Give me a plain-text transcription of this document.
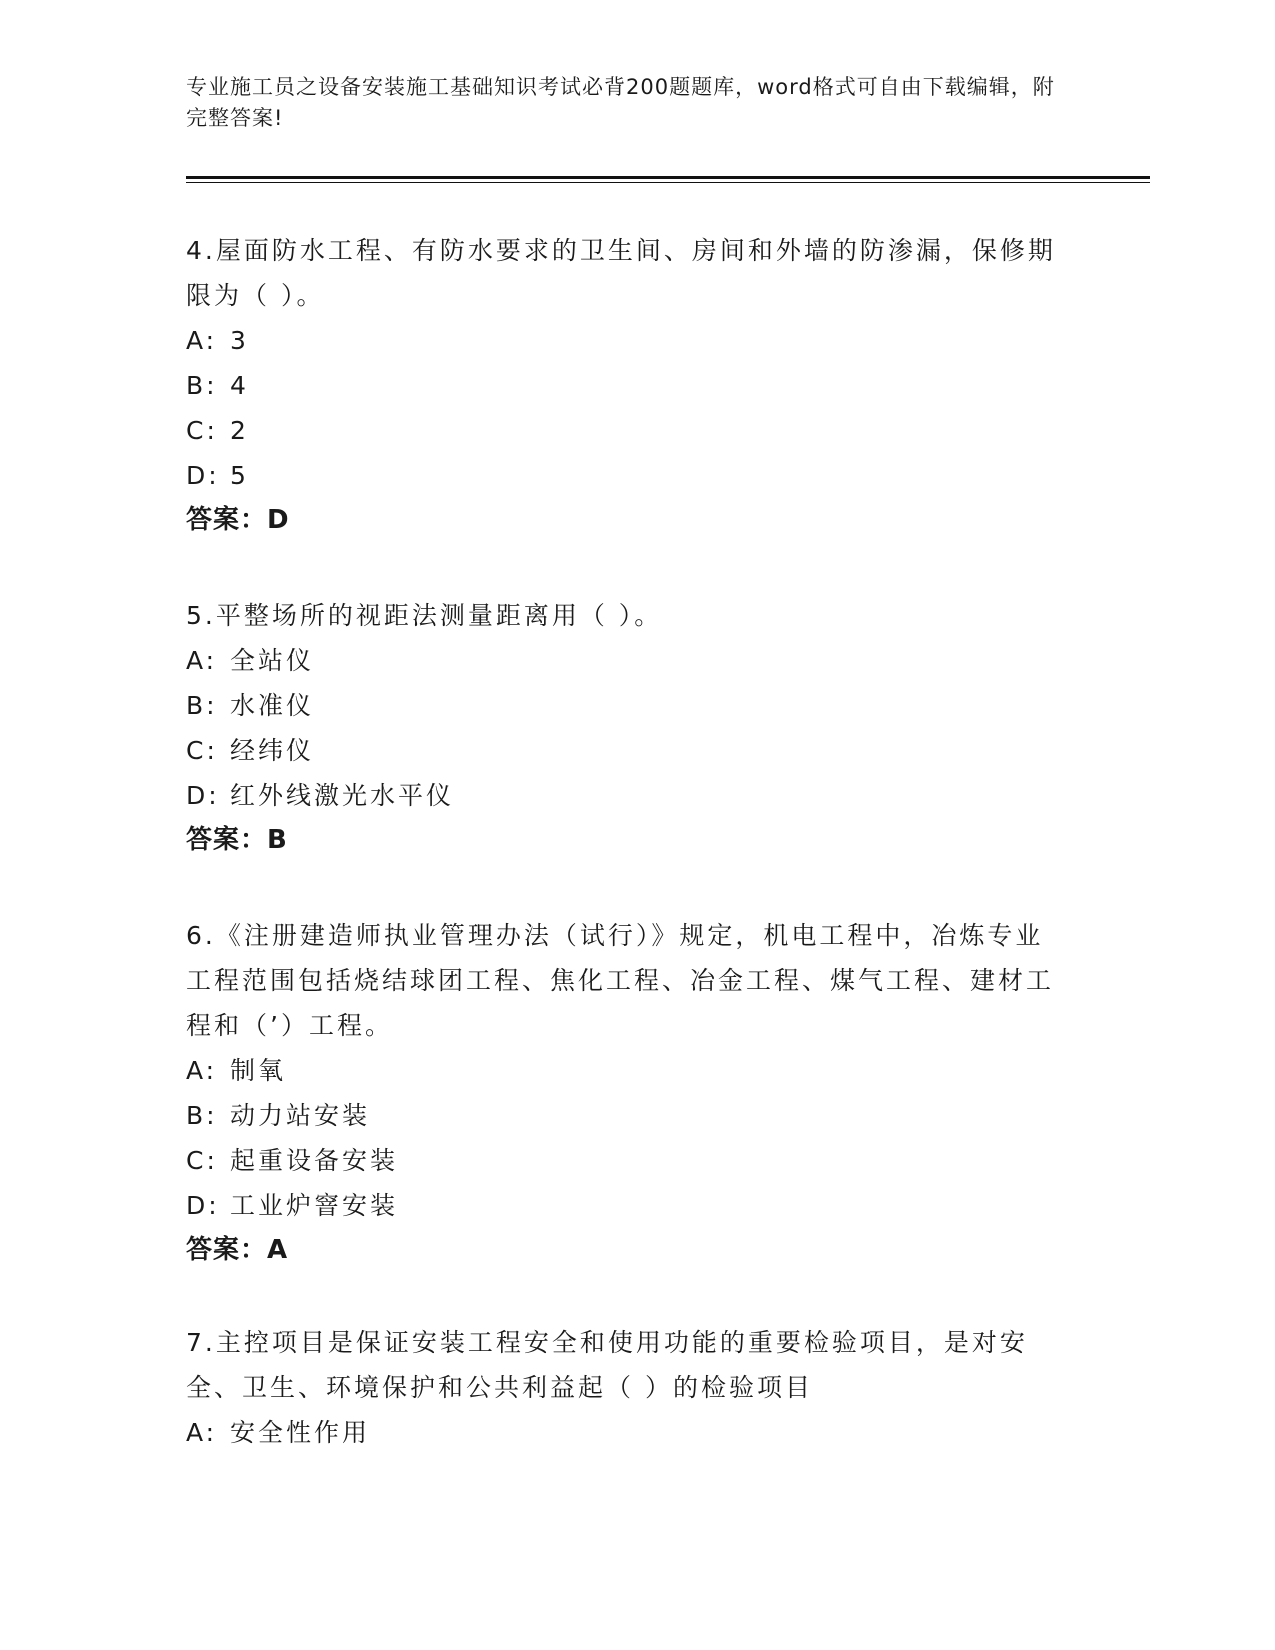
专业施工员之设备安装施工基础知识考试必背200题题库，word格式可自由下载编辑，附完整答案!

4.屋面防水工程、有防水要求的卫生间、房间和外墙的防渗漏，保修期限为（ ）。

A: 3
B: 4
C: 2
D: 5
答案：D

5.平整场所的视距法测量距离用（ ）。

A: 全站仪
B: 水准仪
C: 经纬仪
D: 红外线激光水平仪
答案：B

6.《注册建造师执业管理办法（试行）》规定，机电工程中，冶炼专业工程范围包括烧结球团工程、焦化工程、冶金工程、煤气工程、建材工程和（’）工程。

A: 制氧
B: 动力站安装
C: 起重设备安装
D: 工业炉窨安装
答案：A

7.主控项目是保证安装工程安全和使用功能的重要检验项目，是对安全、卫生、环境保护和公共利益起（ ）的检验项目

A: 安全性作用
